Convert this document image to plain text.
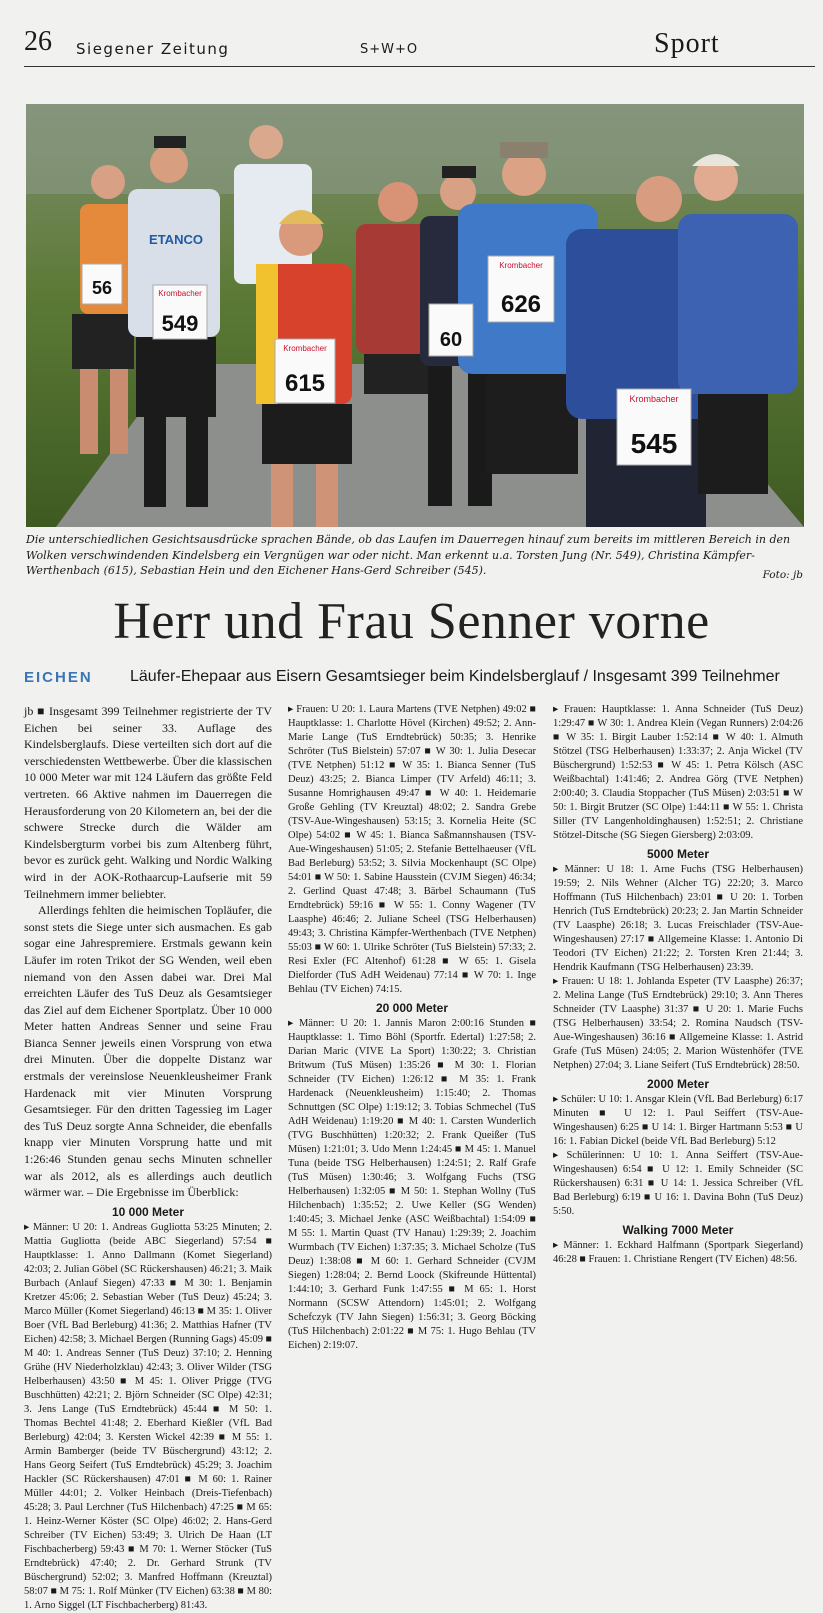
26 Siegener Zeitung	S+W+O	Sport
Krombacher
549
ETANCO
Krombacher
615
Krombacher
626
Krombacher
545
60
56
Die unterschiedlichen Gesichtsausdrücke sprachen Bände, ob das Laufen im Dauerregen hinauf zum bereits im mittleren Bereich in den Wolken verschwindenden Kindelsberg ein Vergnügen war oder nicht. Man erkennt u.a. Torsten Jung (Nr. 549), Christina Kämpfer-Werthenbach (615), Sebastian Hein und den Eichener Hans-Gerd Schreiber (545).	Foto: jb
Herr und Frau Senner vorne
EICHEN Läufer-Ehepaar aus Eisern Gesamtsieger beim Kindelsberglauf / Insgesamt 399 Teilnehmer

jb ■ Insgesamt 399 Teilnehmer registrierte der TV Eichen bei seiner 33. Auflage des Kindelsberglaufs. Diese verteilten sich dort auf die verschiedensten Wettbewerbe. Über die klassischen 10 000 Meter war mit 124 Läufern das größte Feld vertreten. 66 Aktive nahmen im Dauerregen die Herausforderung von 20 Kilometern an, bei der die schwere Strecke durch die Wälder am Kindelsbergturm vorbei bis zum Altenberg führt, bevor es zurück geht. Walking und Nordic Walking wird in der AOK-Rothaarcup-Laufserie mit 59 Teilnehmern immer beliebter.

Allerdings fehlten die heimischen Topläufer, die sonst stets die Siege unter sich ausmachen. Es gab sogar eine Jahrespremiere. Erstmals gewann kein Läufer im roten Trikot der SG Wenden, weil eben niemand von den Assen dabei war. Drei Mal erreichten Läufer des TuS Deuz als Gesamtsieger das Ziel auf dem Eichener Sportplatz. Über 10 000 Meter hatten Andreas Senner und seine Frau Bianca Senner jeweils einen Vorsprung von etwa drei Minuten. Über die doppelte Distanz war erstmals der vereinslose Neuenkleusheimer Frank Hardenack mit vier Minuten Vorsprung Gesamtsieger. Für den dritten Tagessieg im Lager des TuS Deuz sorgte Anna Schneider, die ebenfalls knapp vier Minuten Vorsprung hatte und mit 1:26:46 Stunden genau sechs Minuten schneller war als 2012, als es allerdings auch deutlich wärmer war. – Die Ergebnisse im Überblick:

10 000 Meter

▸ Männer: U 20: 1. Andreas Gugliotta 53:25 Minuten; 2. Mattia Gugliotta (beide ABC Siegerland) 57:54 ■ Hauptklasse: 1. Anno Dallmann (Komet Siegerland) 42:03; 2. Julian Göbel (SC Rückershausen) 46:21; 3. Maik Burbach (Anlauf Siegen) 47:33 ■ M 30: 1. Benjamin Kretzer 45:06; 2. Sebastian Weber (TuS Deuz) 45:24; 3. Marco Müller (Komet Siegerland) 46:13 ■ M 35: 1. Oliver Boer (VfL Bad Berleburg) 41:36; 2. Matthias Hafner (TV Eichen) 42:58; 3. Michael Bergen (Running Gags) 45:09 ■ M 40: 1. Andreas Senner (TuS Deuz) 37:10; 2. Henning Grühe (HV Niederholzklau) 42:43; 3. Oliver Wilder (TSG Helberhausen) 43:50 ■ M 45: 1. Oliver Prigge (TVG Buschhütten) 42:21; 2. Björn Schneider (SC Olpe) 42:31; 3. Jens Lange (TuS Erndtebrück) 45:44 ■ M 50: 1. Thomas Bechtel 41:48; 2. Eberhard Kießler (VfL Bad Berleburg) 42:04; 3. Kersten Wickel 42:39 ■ M 55: 1. Armin Bamberger (beide TV Büschergrund) 43:12; 2. Hans Georg Seifert (TuS Erndtebrück) 45:29; 3. Joachim Hackler (SC Rückershausen) 47:01 ■ M 60: 1. Rainer Müller 44:01; 2. Volker Heinbach (Dreis-Tiefenbach) 45:28; 3. Paul Lerchner (TuS Hilchenbach) 47:25 ■ M 65: 1. Heinz-Werner Köster (SC Olpe) 46:02; 2. Hans-Gerd Schreiber (TV Eichen) 53:49; 3. Ulrich De Haan (LT Fischbacherberg) 59:43 ■ M 70: 1. Werner Stöcker (TuS Erndtebrück) 47:40; 2. Dr. Gerhard Strunk (TV Büschergrund) 52:02; 3. Manfred Hoffmann (Kreuztal) 58:07 ■ M 75: 1. Rolf Münker (TV Eichen) 63:38 ■ M 80: 1. Arno Siggel (LT Fischbacherberg) 81:43.

▸ Frauen: U 20: 1. Laura Martens (TVE Netphen) 49:02 ■ Hauptklasse: 1. Charlotte Hövel (Kirchen) 49:52; 2. Ann-Marie Lange (TuS Erndtebrück) 50:35; 3. Henrike Schröter (TuS Bielstein) 57:07 ■ W 30: 1. Julia Desecar (TVE Netphen) 51:12 ■ W 35: 1. Bianca Senner (TuS Deuz) 43:25; 2. Bianca Limper (TV Arfeld) 46:11; 3. Susanne Homrighausen 49:47 ■ W 40: 1. Heidemarie Große Gehling (TV Kreuztal) 48:02; 2. Sandra Grebe (TSV-Aue-Wingeshausen) 53:15; 3. Kornelia Heite (SC Olpe) 54:02 ■ W 45: 1. Bianca Saßmannshausen (TSV-Aue-Wingeshausen) 51:05; 2. Stefanie Bettelhaeuser (VfL Bad Berleburg) 53:52; 3. Silvia Mockenhaupt (SC Olpe) 54:01 ■ W 50: 1. Sabine Hausstein (CVJM Siegen) 46:34; 2. Gerlind Quast 47:48; 3. Bärbel Schaumann (TuS Erndtebrück) 59:16 ■ W 55: 1. Conny Wagener (TV Laasphe) 46:46; 2. Juliane Scheel (TSG Helberhausen) 49:43; 3. Christina Kämpfer-Werthenbach (TVE Netphen) 55:03 ■ W 60: 1. Ulrike Schröter (TuS Bielstein) 57:33; 2. Resi Exler (FC Altenhof) 61:28 ■ W 65: 1. Gisela Dielforder (TuS AdH Weidenau) 77:14 ■ W 70: 1. Inge Behlau (TV Eichen) 74:15.

20 000 Meter

▸ Männer: U 20: 1. Jannis Maron 2:00:16 Stunden ■ Hauptklasse: 1. Timo Böhl (Sportfr. Edertal) 1:27:58; 2. Darian Maric (VIVE La Sport) 1:30:22; 3. Christian Britwum (TuS Müsen) 1:35:26 ■ M 30: 1. Florian Schneider (TV Eichen) 1:26:12 ■ M 35: 1. Frank Hardenack (Neuenkleusheim) 1:15:40; 2. Thomas Schnuttgen (SC Olpe) 1:19:12; 3. Tobias Schmechel (TuS AdH Weidenau) 1:19:20 ■ M 40: 1. Carsten Wunderlich (TVG Buschhütten) 1:20:32; 2. Frank Queißer (TuS Müsen) 1:21:01; 3. Udo Menn 1:24:45 ■ M 45: 1. Manuel Tuna (beide TSG Helberhausen) 1:24:51; 2. Ralf Grafe (TuS Müsen) 1:30:46; 3. Wolfgang Fuchs (TSG Helberhausen) 1:32:05 ■ M 50: 1. Stephan Wollny (TuS Hilchenbach) 1:35:52; 2. Uwe Keller (SG Wenden) 1:40:45; 3. Michael Jenke (ASC Weißbachtal) 1:54:09 ■ M 55: 1. Martin Quast (TV Hanau) 1:29:39; 2. Joachim Wurmbach (TV Eichen) 1:37:35; 3. Michael Scholze (TuS Deuz) 1:38:08 ■ M 60: 1. Gerhard Schneider (CVJM Siegen) 1:28:04; 2. Bernd Loock (Skifreunde Hüttental) 1:44:10; 3. Gerhard Funk 1:47:55 ■ M 65: 1. Horst Normann (SCSW Attendorn) 1:45:01; 2. Wolfgang Schefczyk (TV Jahn Siegen) 1:56:31; 3. Georg Böcking (TuS Hilchenbach) 2:01:22 ■ M 75: 1. Hugo Behlau (TV Eichen) 2:19:07.

▸ Frauen: Hauptklasse: 1. Anna Schneider (TuS Deuz) 1:29:47 ■ W 30: 1. Andrea Klein (Vegan Runners) 2:04:26 ■ W 35: 1. Birgit Lauber 1:52:14 ■ W 40: 1. Almuth Stötzel (TSG Helberhausen) 1:33:37; 2. Anja Wickel (TV Büschergrund) 1:52:53 ■ W 45: 1. Petra Kölsch (ASC Weißbachtal) 1:41:46; 2. Andrea Görg (TVE Netphen) 2:00:40; 3. Claudia Stoppacher (TuS Müsen) 2:03:51 ■ W 50: 1. Birgit Brutzer (SC Olpe) 1:44:11 ■ W 55: 1. Christa Siller (TV Langenholdinghausen) 1:52:51; 2. Christiane Stötzel-Ditsche (SG Siegen Giersberg) 2:03:09.

5000 Meter

▸ Männer: U 18: 1. Arne Fuchs (TSG Helberhausen) 19:59; 2. Nils Wehner (Alcher TG) 22:20; 3. Marco Hoffmann (TuS Hilchenbach) 23:01 ■ U 20: 1. Torben Henrich (TuS Erndtebrück) 20:23; 2. Jan Martin Schneider (TV Laasphe) 26:18; 3. Lucas Freischlader (TSV-Aue-Wingeshausen) 27:17 ■ Allgemeine Klasse: 1. Antonio Di Teodori (TV Eichen) 21:22; 2. Torsten Kren 21:44; 3. Hendrik Kaufmann (TSG Helberhausen) 23:39.

▸ Frauen: U 18: 1. Johlanda Espeter (TV Laasphe) 26:37; 2. Melina Lange (TuS Erndtebrück) 29:10; 3. Ann Theres Schneider (TV Laasphe) 31:37 ■ U 20: 1. Marie Fuchs (TSG Helberhausen) 33:54; 2. Romina Naudsch (TSV-Aue-Wingeshausen) 36:16 ■ Allgemeine Klasse: 1. Astrid Grafe (TuS Müsen) 24:05; 2. Marion Wüstenhöfer (TVE Netphen) 27:04; 3. Liane Seifert (TuS Erndtebrück) 28:50.

2000 Meter

▸ Schüler: U 10: 1. Ansgar Klein (VfL Bad Berleburg) 6:17 Minuten ■ U 12: 1. Paul Seiffert (TSV-Aue-Wingeshausen) 6:25 ■ U 14: 1. Birger Hartmann 5:53 ■ U 16: 1. Fabian Dickel (beide VfL Bad Berleburg) 5:12

▸ Schülerinnen: U 10: 1. Anna Seiffert (TSV-Aue-Wingeshausen) 6:54 ■ U 12: 1. Emily Schneider (SC Rückershausen) 6:31 ■ U 14: 1. Jessica Schreiber (VfL Bad Berleburg) 6:19 ■ U 16: 1. Davina Bohn (TuS Deuz) 5:50.

Walking 7000 Meter

▸ Männer: 1. Eckhard Halfmann (Sportpark Siegerland) 46:28 ■ Frauen: 1. Christiane Rengert (TV Eichen) 48:56.
